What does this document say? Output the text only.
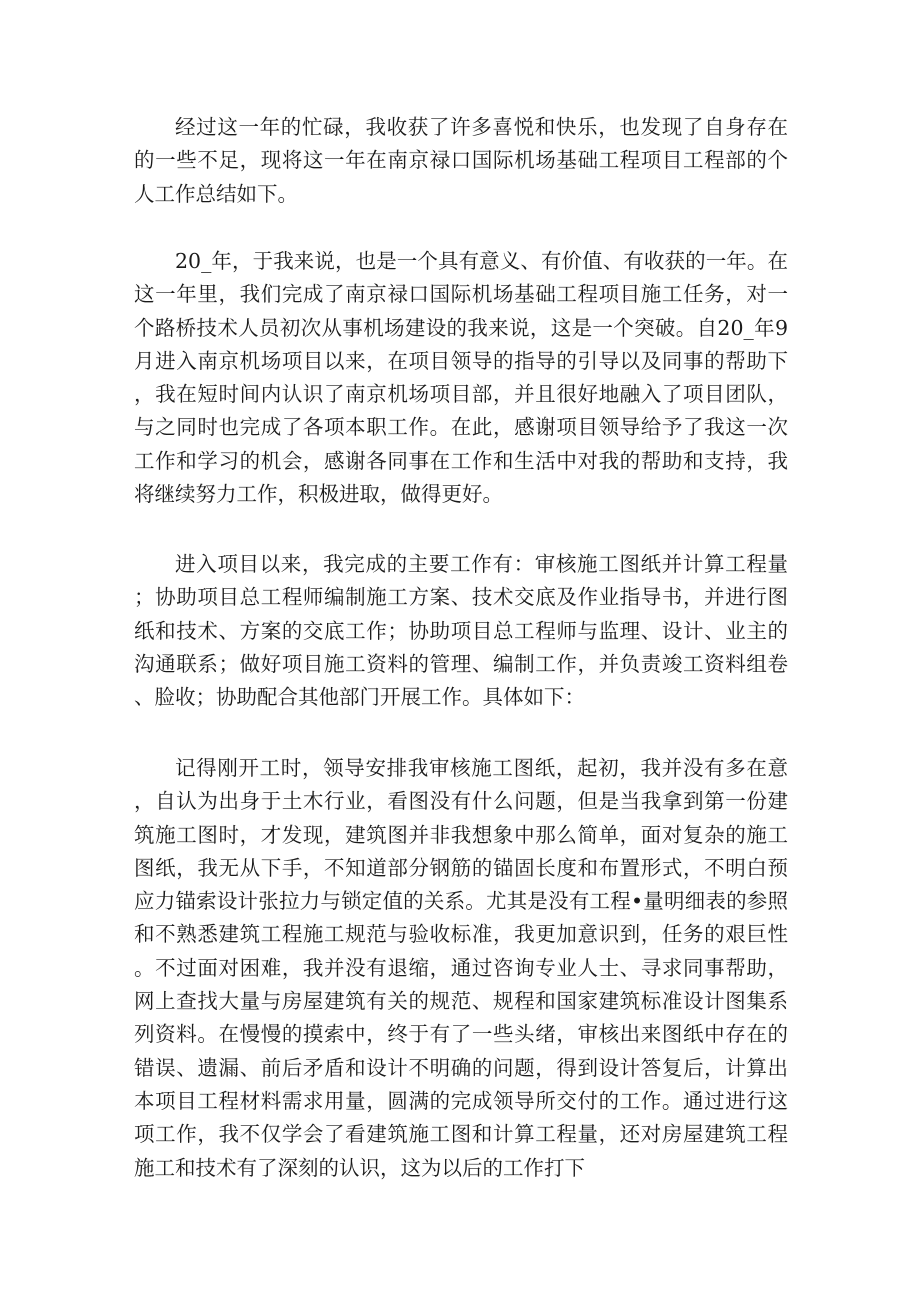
经过这一年的忙碌，我收获了许多喜悦和快乐，也发现了自身存在的一些不足，现将这一年在南京禄口国际机场基础工程项目工程部的个人工作总结如下。

20_年，于我来说，也是一个具有意义、有价值、有收获的一年。在这一年里，我们完成了南京禄口国际机场基础工程项目施工任务，对一个路桥技术人员初次从事机场建设的我来说，这是一个突破。自20_年9月进入南京机场项目以来，在项目领导的指导的引导以及同事的帮助下，我在短时间内认识了南京机场项目部，并且很好地融入了项目团队，与之同时也完成了各项本职工作。在此，感谢项目领导给予了我这一次工作和学习的机会，感谢各同事在工作和生活中对我的帮助和支持，我将继续努力工作，积极进取，做得更好。

进入项目以来，我完成的主要工作有：审核施工图纸并计算工程量；协助项目总工程师编制施工方案、技术交底及作业指导书，并进行图纸和技术、方案的交底工作；协助项目总工程师与监理、设计、业主的沟通联系；做好项目施工资料的管理、编制工作，并负责竣工资料组卷、脸收；协助配合其他部门开展工作。具体如下：

记得刚开工时，领导安排我审核施工图纸，起初，我并没有多在意，自认为出身于土木行业，看图没有什么问题，但是当我拿到第一份建筑施工图时，才发现，建筑图并非我想象中那么简单，面对复杂的施工图纸，我无从下手，不知道部分钢筋的锚固长度和布置形式，不明白预应力锚索设计张拉力与锁定值的关系。尤其是没有工程•量明细表的参照和不熟悉建筑工程施工规范与验收标准，我更加意识到，任务的艰巨性。不过面对困难，我并没有退缩，通过咨询专业人士、寻求同事帮助，网上查找大量与房屋建筑有关的规范、规程和国家建筑标准设计图集系列资料。在慢慢的摸索中，终于有了一些头绪，审核出来图纸中存在的错误、遗漏、前后矛盾和设计不明确的问题，得到设计答复后，计算出本项目工程材料需求用量，圆满的完成领导所交付的工作。通过进行这项工作，我不仅学会了看建筑施工图和计算工程量，还对房屋建筑工程施工和技术有了深刻的认识，这为以后的工作打下
